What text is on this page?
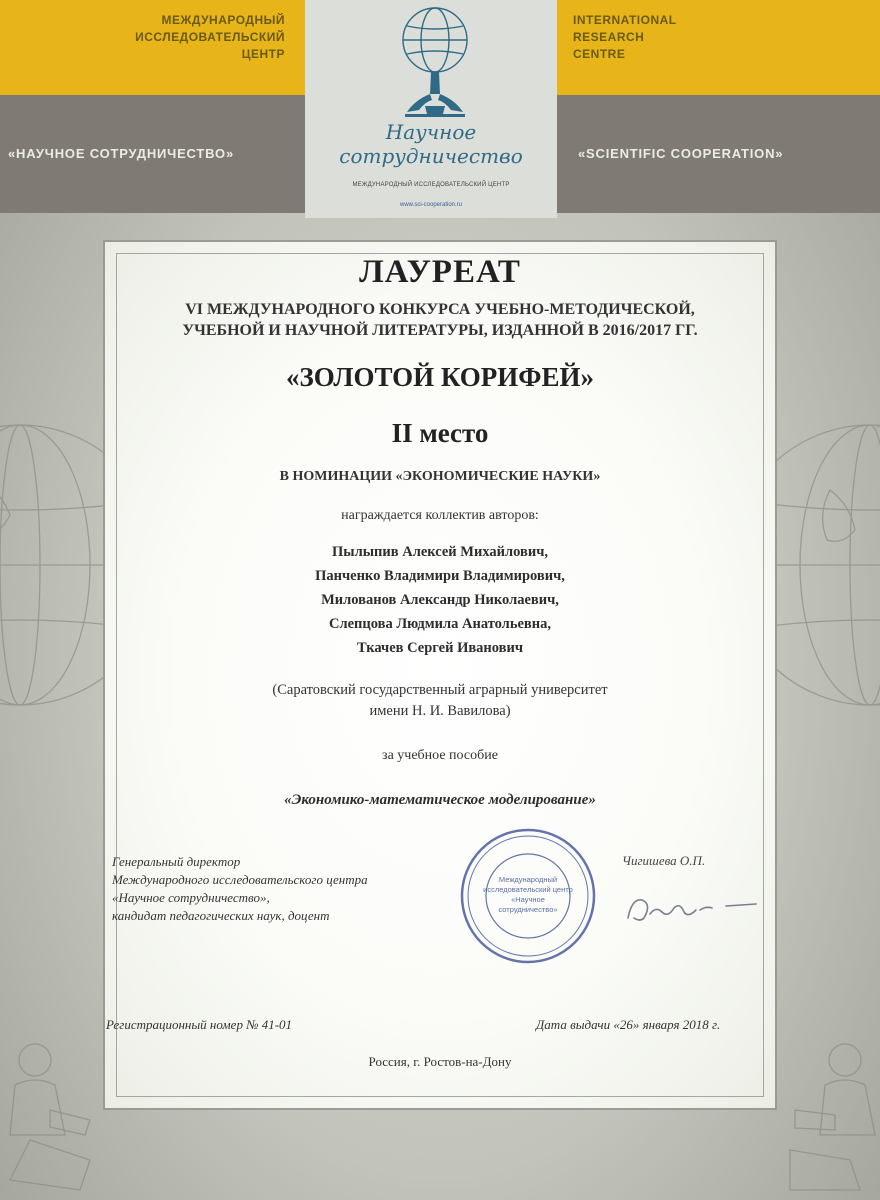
МЕЖДУНАРОДНЫЙ
ИССЛЕДОВАТЕЛЬСКИЙ
ЦЕНТР
INTERNATIONAL
RESEARCH
CENTRE
«НАУЧНОЕ СОТРУДНИЧЕСТВО»	«SCIENTIFIC COOPERATION»
Научное
сотрудничество
МЕЖДУНАРОДНЫЙ ИССЛЕДОВАТЕЛЬСКИЙ ЦЕНТР
www.sci-cooperation.ru
ЛАУРЕАТ
VI МЕЖДУНАРОДНОГО КОНКУРСА УЧЕБНО-МЕТОДИЧЕСКОЙ,
УЧЕБНОЙ И НАУЧНОЙ ЛИТЕРАТУРЫ, ИЗДАННОЙ В 2016/2017 ГГ.
«ЗОЛОТОЙ КОРИФЕЙ»
II место
В НОМИНАЦИИ «ЭКОНОМИЧЕСКИЕ НАУКИ»
награждается коллектив авторов:
Пылыпив Алексей Михайлович,
Панченко Владимири Владимирович,
Милованов Александр Николаевич,
Слепцова Людмила Анатольевна,
Ткачев Сергей Иванович
(Саратовский государственный аграрный университет
имени Н. И. Вавилова)
за учебное пособие
«Экономико-математическое моделирование»
Генеральный директор
Международного исследовательского центра
«Научное сотрудничество»,
кандидат педагогических наук, доцент
Чигишева О.П.
Международный
исследовательский центр
«Научное
сотрудничество»
Регистрационный номер № 41-01	Дата выдачи «26» января 2018 г.
Россия, г. Ростов-на-Дону
